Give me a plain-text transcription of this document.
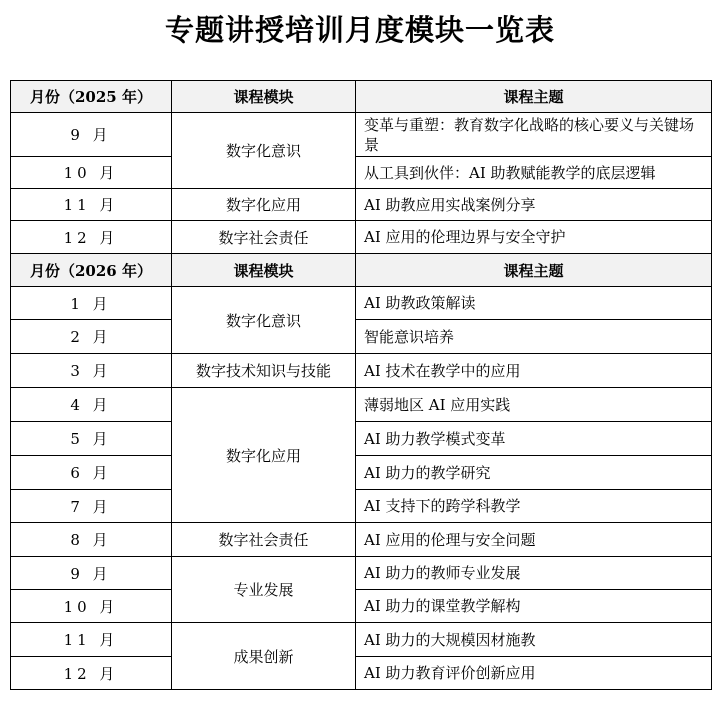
专题讲授培训月度模块一览表
月份（2025 年）	课程模块	课程主题
9 月	数字化意识	变革与重塑：教育数字化战略的核心要义与关键场景
10 月		从工具到伙伴：AI 助教赋能教学的底层逻辑
11 月	数字化应用	AI 助教应用实战案例分享
12 月	数字社会责任	AI 应用的伦理边界与安全守护
月份（2026 年）	课程模块	课程主题
1 月	数字化意识	AI 助教政策解读
2 月		智能意识培养
3 月	数字技术知识与技能	AI 技术在教学中的应用
4 月	数字化应用	薄弱地区 AI 应用实践
5 月		AI 助力教学模式变革
6 月		AI 助力的教学研究
7 月		AI 支持下的跨学科教学
8 月	数字社会责任	AI 应用的伦理与安全问题
9 月	专业发展	AI 助力的教师专业发展
10 月		AI 助力的课堂教学解构
11 月	成果创新	AI 助力的大规模因材施教
12 月		AI 助力教育评价创新应用
